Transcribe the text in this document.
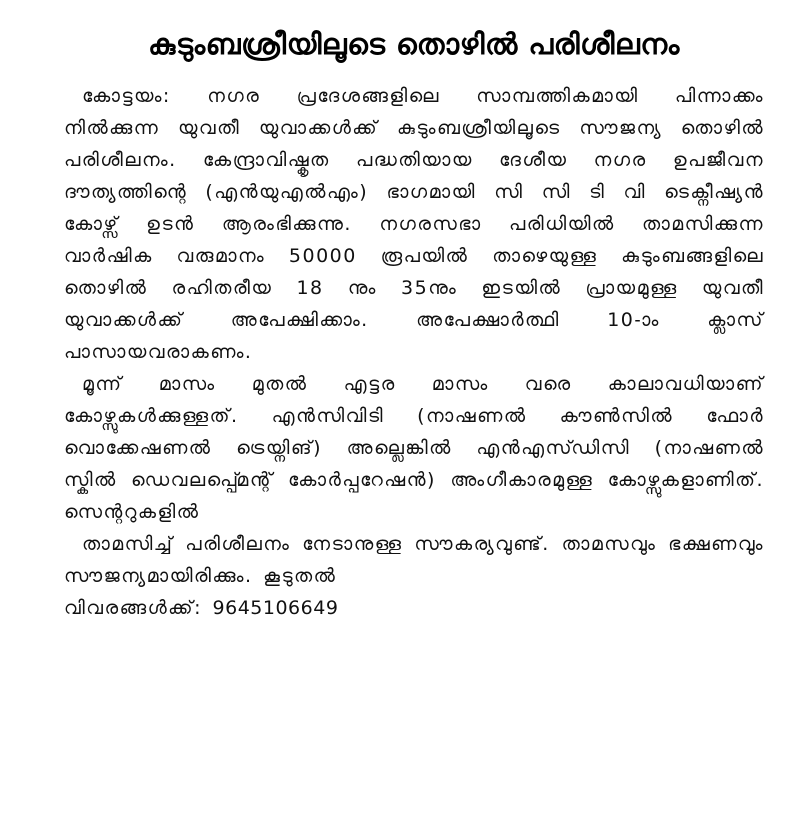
കുടുംബശ്രീയിലൂടെ തൊഴിൽ പരിശീലനം

കോട്ടയം: നഗര പ്രദേശങ്ങളിലെ സാമ്പത്തികമായി പിന്നാക്കം നിൽക്കുന്ന യുവതീ യുവാക്കൾക്ക് കുടുംബശ്രീയിലൂടെ സൗജന്യ തൊഴിൽ പരിശീലനം. കേന്ദ്രാവിഷ്കൃത പദ്ധതിയായ ദേശീയ നഗര ഉപജീവന ദൗത്യത്തിന്റെ (എൻയുഎൽഎം) ഭാഗമായി സി സി ടി വി ടെക്നീഷ്യൻ കോഴ്സ് ഉടൻ ആരംഭിക്കുന്നു. നഗരസഭാ പരിധിയിൽ താമസിക്കുന്ന വാർഷിക വരുമാനം 50000 രൂപയിൽ താഴെയുള്ള കുടുംബങ്ങളിലെ തൊഴിൽ രഹിതരീയ 18 നും 35നും ഇടയിൽ പ്രായമുള്ള യുവതീ യുവാക്കൾക്ക് അപേക്ഷിക്കാം. അപേക്ഷാർത്ഥി 10-ാം ക്ലാസ് പാസായവരാകണം.

മൂന്ന് മാസം മുതൽ എട്ടര മാസം വരെ കാലാവധിയാണ് കോഴ്സുകൾക്കുള്ളത്. എൻസിവിടി (നാഷണൽ കൗൺസിൽ ഫോർ വൊക്കേഷണൽ ട്രെയ്നിങ്) അല്ലെങ്കിൽ എൻഎസ്ഡിസി (നാഷണൽ സ്കിൽ ഡെവലപ്പ്മെന്റ് കോർപ്പറേഷൻ) അംഗീകാരമുള്ള കോഴ്സുകളാണിത്. സെന്ററുകളിൽ

താമസിച്ച് പരിശീലനം നേടാനുള്ള സൗകര്യവുണ്ട്. താമസവും ഭക്ഷണവും സൗജന്യമായിരിക്കും. കൂടുതൽ

വിവരങ്ങൾക്ക്: 9645106649
